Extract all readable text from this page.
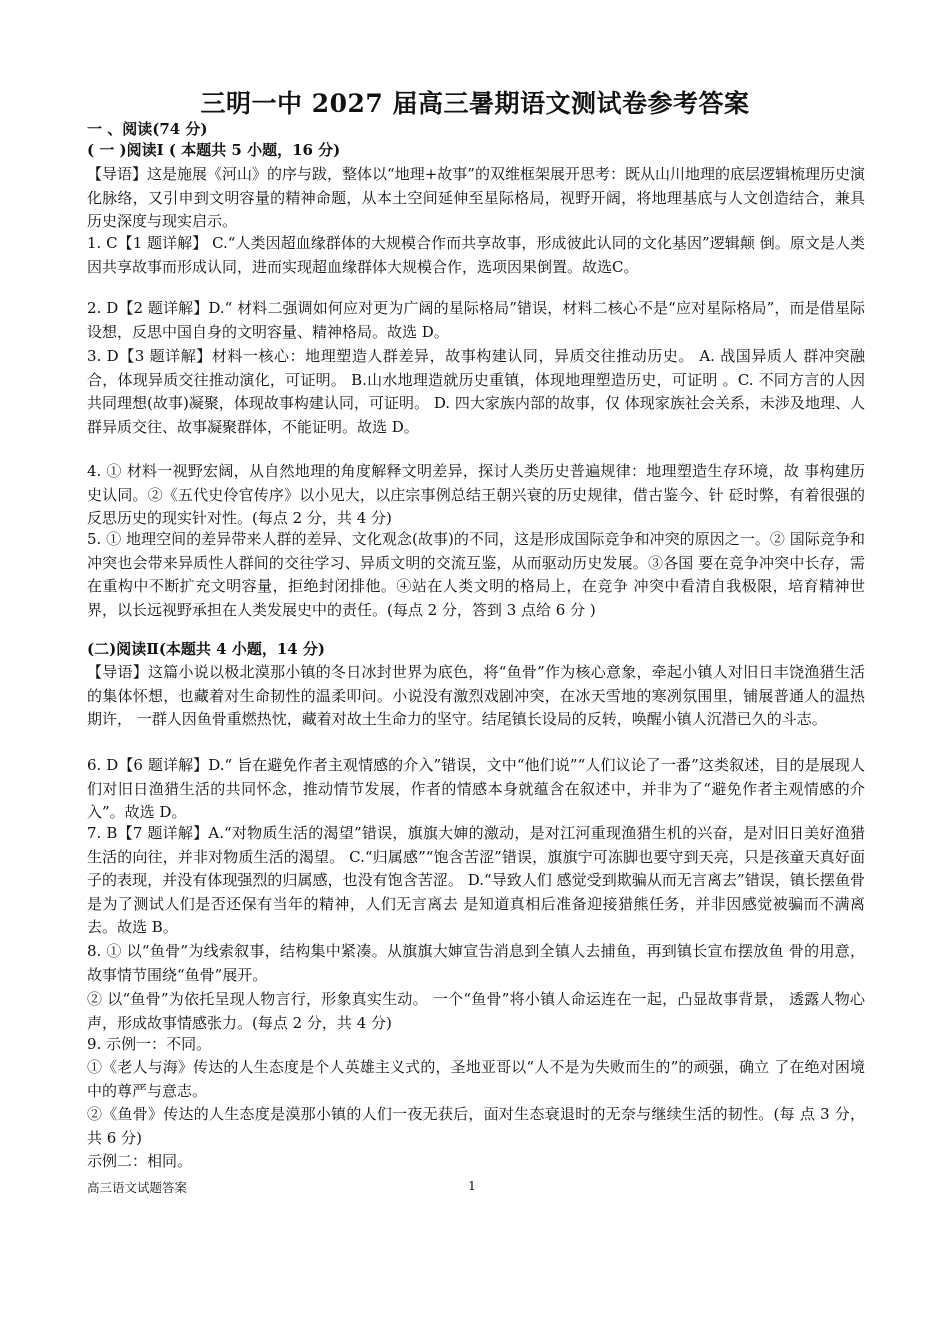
三明一中 2027 届高三暑期语文测试卷参考答案
一 、阅读(74 分)
( 一 )阅读Ⅰ ( 本题共 5 小题，16 分)
【导语】这是施展《河山》的序与跋，整体以“地理+故事”的双维框架展开思考：既从山川地理的底层逻辑梳理历史演化脉络，又引申到文明容量的精神命题，从本土空间延伸至星际格局，视野开阔，将地理基底与人文创造结合，兼具历史深度与现实启示。
1. C【1 题详解】 C.“人类因超血缘群体的大规模合作而共享故事，形成彼此认同的文化基因”逻辑颠 倒。原文是人类因共享故事而形成认同，进而实现超血缘群体大规模合作，选项因果倒置。故选C。
2. D【2 题详解】D.“ 材料二强调如何应对更为广阔的星际格局”错误，材料二核心不是“应对星际格局”，而是借星际设想，反思中国自身的文明容量、精神格局。故选 D。
3. D【3 题详解】材料一核心：地理塑造人群差异，故事构建认同，异质交往推动历史。 A. 战国异质人 群冲突融合，体现异质交往推动演化，可证明。 B.山水地理造就历史重镇，体现地理塑造历史，可证明 。C. 不同方言的人因共同理想(故事)凝聚，体现故事构建认同，可证明。 D. 四大家族内部的故事，仅 体现家族社会关系，未涉及地理、人群异质交往、故事凝聚群体，不能证明。故选 D。
4. ① 材料一视野宏阔，从自然地理的角度解释文明差异，探讨人类历史普遍规律：地理塑造生存环境，故 事构建历史认同。②《五代史伶官传序》以小见大，以庄宗事例总结王朝兴衰的历史规律，借古鉴今、针 砭时弊，有着很强的反思历史的现实针对性。(每点 2 分，共 4 分)
5. ① 地理空间的差异带来人群的差异、文化观念(故事)的不同，这是形成国际竞争和冲突的原因之一。② 国际竞争和冲突也会带来异质性人群间的交往学习、异质文明的交流互鉴，从而驱动历史发展。③各国 要在竞争冲突中长存，需在重构中不断扩充文明容量，拒绝封闭排他。④站在人类文明的格局上，在竞争 冲突中看清自我极限，培育精神世界，以长远视野承担在人类发展史中的责任。(每点 2 分，答到 3 点给 6 分 )
(二)阅读Ⅱ(本题共 4 小题，14 分)
【导语】这篇小说以极北漠那小镇的冬日冰封世界为底色，将“鱼骨”作为核心意象，牵起小镇人对旧日丰饶渔猎生活的集体怀想，也藏着对生命韧性的温柔叩问。小说没有激烈戏剧冲突，在冰天雪地的寒冽氛围里，铺展普通人的温热期许， 一群人因鱼骨重燃热忱，藏着对故土生命力的坚守。结尾镇长设局的反转，唤醒小镇人沉潜已久的斗志。
6. D【6 题详解】D.“ 旨在避免作者主观情感的介入”错误，文中“他们说”“人们议论了一番”这类叙述，目的是展现人们对旧日渔猎生活的共同怀念，推动情节发展，作者的情感本身就蕴含在叙述中，并非为了“避免作者主观情感的介入”。故选 D。
7. B【7 题详解】A.“对物质生活的渴望”错误，旗旗大婶的激动，是对江河重现渔猎生机的兴奋，是对旧日美好渔猎生活的向往，并非对物质生活的渴望。 C.“归属感”“饱含苦涩”错误，旗旗宁可冻脚也要守到天亮，只是孩童天真好面子的表现，并没有体现强烈的归属感，也没有饱含苦涩。 D.“导致人们 感觉受到欺骗从而无言离去”错误，镇长摆鱼骨是为了测试人们是否还保有当年的精神，人们无言离去 是知道真相后准备迎接猎熊任务，并非因感觉被骗而不满离去。故选 B。
8. ① 以“鱼骨”为线索叙事，结构集中紧凑。从旗旗大婶宣告消息到全镇人去捕鱼，再到镇长宣布摆放鱼 骨的用意，故事情节围绕“鱼骨”展开。
② 以“鱼骨”为依托呈现人物言行，形象真实生动。 一个“鱼骨”将小镇人命运连在一起，凸显故事背景， 透露人物心声，形成故事情感张力。(每点 2 分，共 4 分)
9. 示例一：不同。
①《老人与海》传达的人生态度是个人英雄主义式的，圣地亚哥以“人不是为失败而生的”的顽强，确立 了在绝对困境中的尊严与意志。
②《鱼骨》传达的人生态度是漠那小镇的人们一夜无获后，面对生态衰退时的无奈与继续生活的韧性。(每 点 3 分， 共 6 分)
示例二：相同。
高三语文试题答案	1
